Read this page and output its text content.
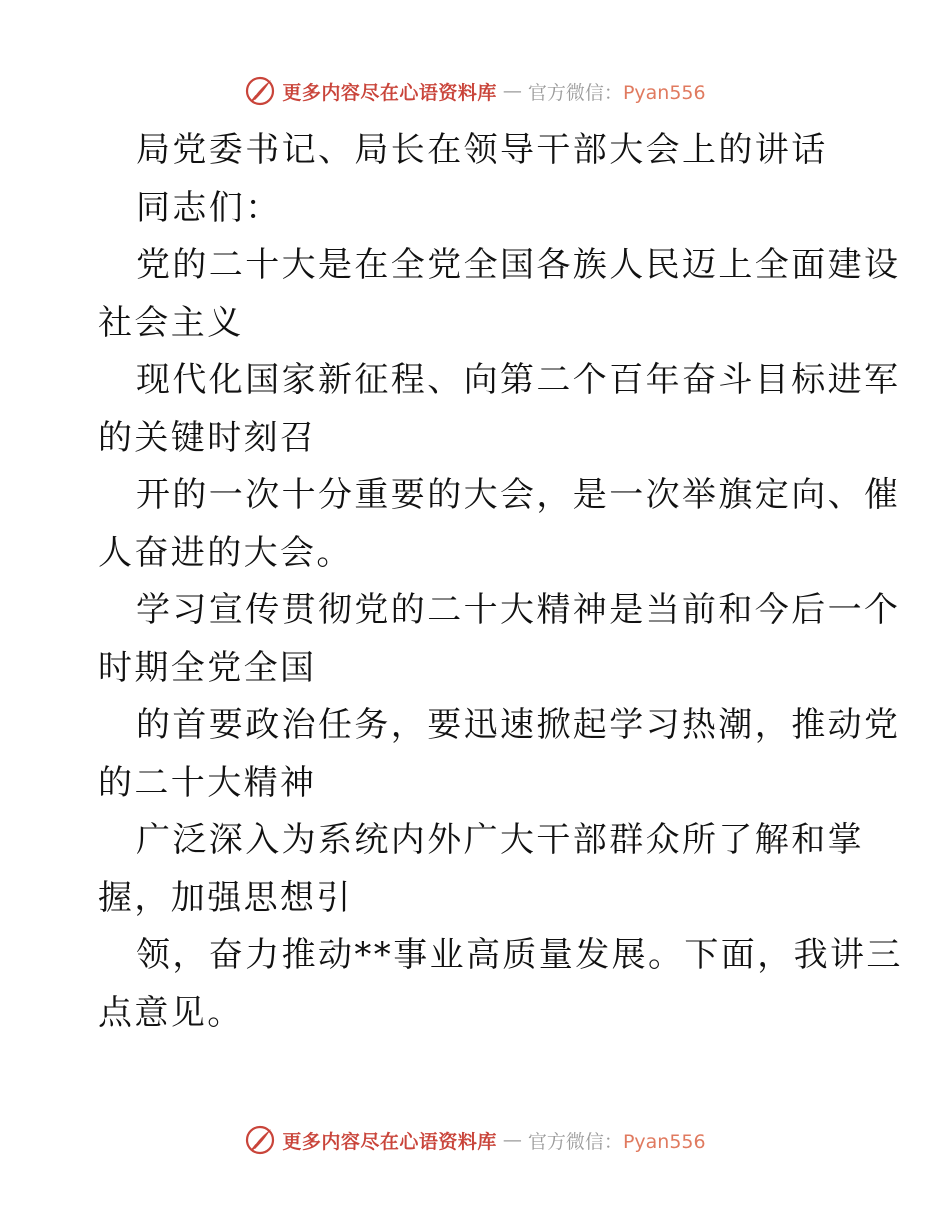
更多内容尽在心语资料库 — 官方微信：Pyan556
局党委书记、局长在领导干部大会上的讲话
同志们：
党的二十大是在全党全国各族人民迈上全面建设
社会主义
现代化国家新征程、向第二个百年奋斗目标进军
的关键时刻召
开的一次十分重要的大会，是一次举旗定向、催
人奋进的大会。
学习宣传贯彻党的二十大精神是当前和今后一个
时期全党全国
的首要政治任务，要迅速掀起学习热潮，推动党
的二十大精神
广泛深入为系统内外广大干部群众所了解和掌
握，加强思想引
领，奋力推动**事业高质量发展。下面，我讲三
点意见。
更多内容尽在心语资料库 — 官方微信：Pyan556
